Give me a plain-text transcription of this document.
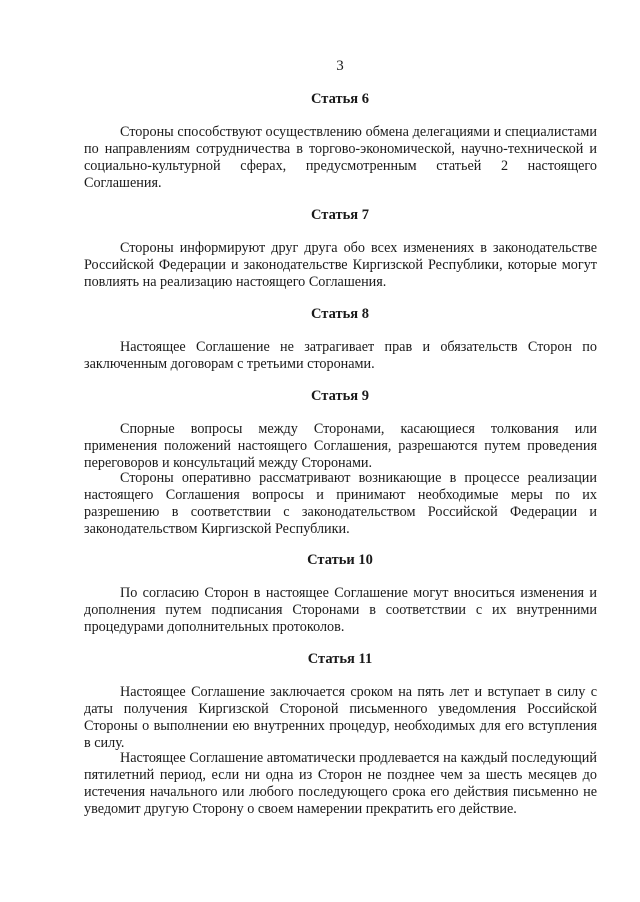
3
Статья 6

Стороны способствуют осуществлению обмена делегациями и специалистами по направлениям сотрудничества в торгово-экономической, научно-технической и социально-культурной сферах, предусмотренным статьей 2 настоящего Соглашения.

Статья 7

Стороны информируют друг друга обо всех изменениях в законодательстве Российской Федерации и законодательстве Киргизской Республики, которые могут повлиять на реализацию настоящего Соглашения.

Статья 8

Настоящее Соглашение не затрагивает прав и обязательств Сторон по заключенным договорам с третьими сторонами.

Статья 9

Спорные вопросы между Сторонами, касающиеся толкования или применения положений настоящего Соглашения, разрешаются путем проведения переговоров и консультаций между Сторонами.

Стороны оперативно рассматривают возникающие в процессе реализации настоящего Соглашения вопросы и принимают необходимые меры по их разрешению в соответствии с законодательством Российской Федерации и законодательством Киргизской Республики.

Статьи 10

По согласию Сторон в настоящее Соглашение могут вноситься изменения и дополнения путем подписания Сторонами в соответствии с их внутренними процедурами дополнительных протоколов.

Статья 11

Настоящее Соглашение заключается сроком на пять лет и вступает в силу с даты получения Киргизской Стороной письменного уведомления Российской Стороны о выполнении ею внутренних процедур, необходимых для его вступления в силу.

Настоящее Соглашение автоматически продлевается на каждый последующий пятилетний период, если ни одна из Сторон не позднее чем за шесть месяцев до истечения начального или любого последующего срока его действия письменно не уведомит другую Сторону о своем намерении прекратить его действие.
